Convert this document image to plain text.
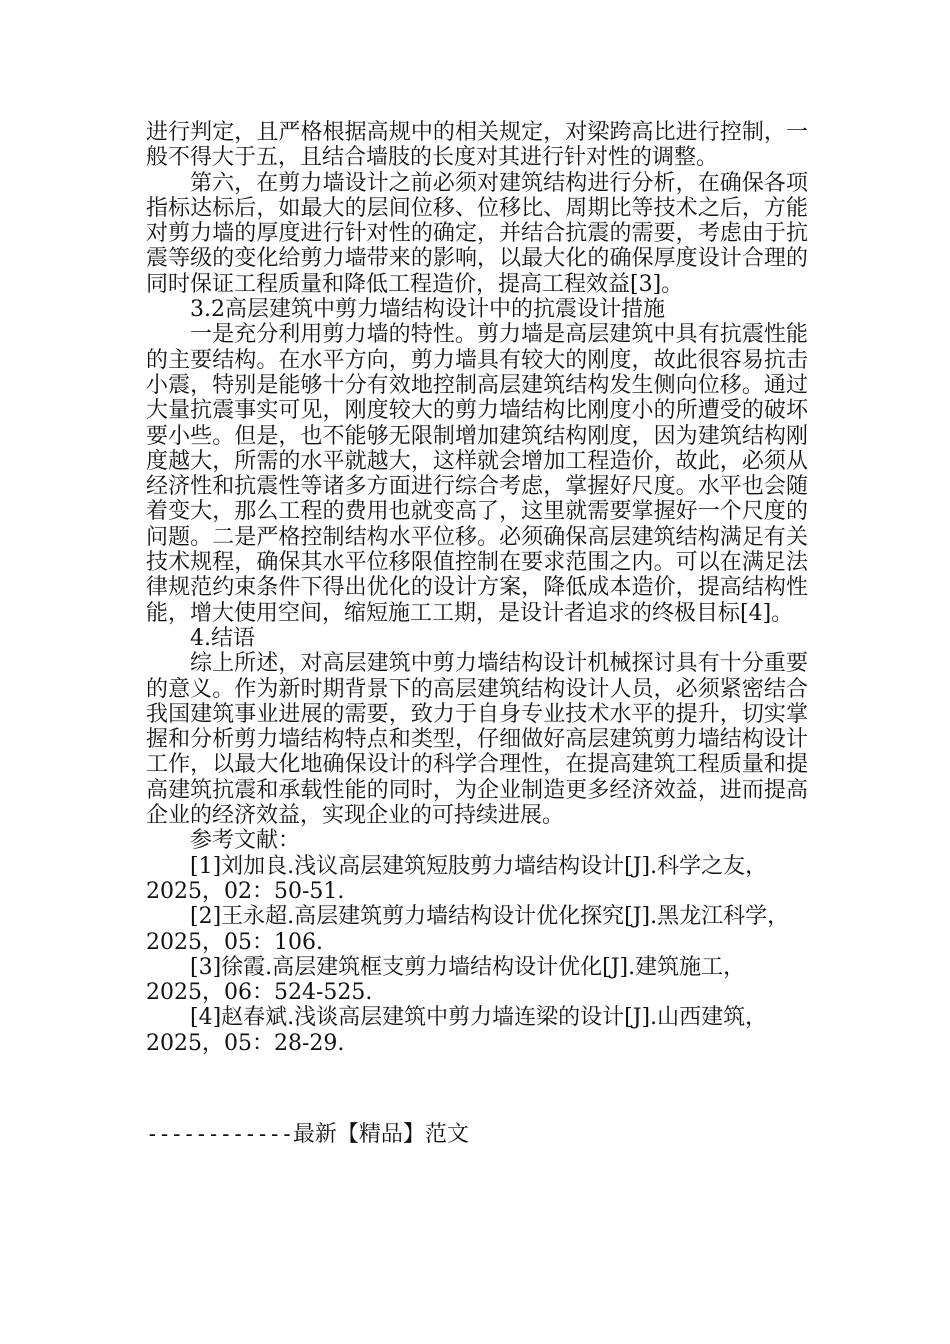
进行判定，且严格根据高规中的相关规定，对梁跨高比进行控制，一般不得大于五，且结合墙肢的长度对其进行针对性的调整。

第六，在剪力墙设计之前必须对建筑结构进行分析，在确保各项指标达标后，如最大的层间位移、位移比、周期比等技术之后，方能对剪力墙的厚度进行针对性的确定，并结合抗震的需要，考虑由于抗震等级的变化给剪力墙带来的影响，以最大化的确保厚度设计合理的同时保证工程质量和降低工程造价，提高工程效益[3]。

3.2高层建筑中剪力墙结构设计中的抗震设计措施

一是充分利用剪力墙的特性。剪力墙是高层建筑中具有抗震性能的主要结构。在水平方向，剪力墙具有较大的刚度，故此很容易抗击小震，特别是能够十分有效地控制高层建筑结构发生侧向位移。通过大量抗震事实可见，刚度较大的剪力墙结构比刚度小的所遭受的破坏要小些。但是，也不能够无限制增加建筑结构刚度，因为建筑结构刚度越大，所需的水平就越大，这样就会增加工程造价，故此，必须从经济性和抗震性等诸多方面进行综合考虑，掌握好尺度。水平也会随着变大，那么工程的费用也就变高了，这里就需要掌握好一个尺度的问题。二是严格控制结构水平位移。必须确保高层建筑结构满足有关技术规程，确保其水平位移限值控制在要求范围之内。可以在满足法律规范约束条件下得出优化的设计方案，降低成本造价，提高结构性能，增大使用空间，缩短施工工期，是设计者追求的终极目标[4]。

4.结语

综上所述，对高层建筑中剪力墙结构设计机械探讨具有十分重要的意义。作为新时期背景下的高层建筑结构设计人员，必须紧密结合我国建筑事业进展的需要，致力于自身专业技术水平的提升，切实掌握和分析剪力墙结构特点和类型，仔细做好高层建筑剪力墙结构设计工作，以最大化地确保设计的科学合理性，在提高建筑工程质量和提高建筑抗震和承载性能的同时，为企业制造更多经济效益，进而提高企业的经济效益，实现企业的可持续进展。

参考文献：

[1]刘加良.浅议高层建筑短肢剪力墙结构设计[J].科学之友，2025，02：50-51.

[2]王永超.高层建筑剪力墙结构设计优化探究[J].黑龙江科学，2025，05：106.

[3]徐霞.高层建筑框支剪力墙结构设计优化[J].建筑施工，2025，06：524-525.

[4]赵春斌.浅谈高层建筑中剪力墙连梁的设计[J].山西建筑，2025，05：28-29.

------------最新【精品】范文
